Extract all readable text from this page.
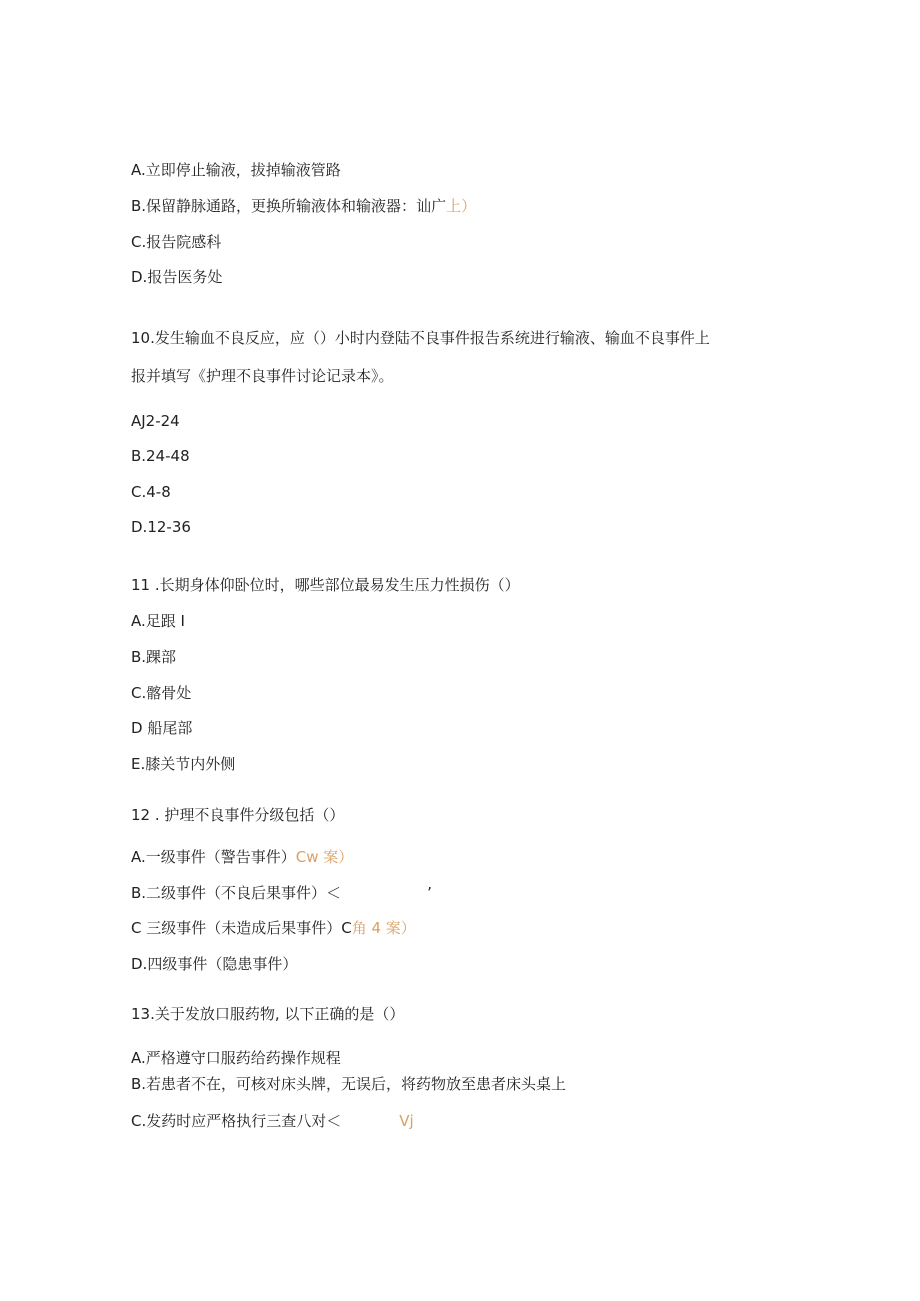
A.立即停止输液，拔掉输液管路
B.保留静脉通路，更换所输液体和输液器：讪广上）
C.报告院感科
D.报告医务处
10.发生输血不良反应，应（）小时内登陆不良事件报告系统进行输液、输血不良事件上
报并填写《护理不良事件讨论记录本》。
AJ2-24
B.24-48
C.4-8
D.12-36
11 .长期身体仰卧位时，哪些部位最易发生压力性损伤（）
A.足跟 I
B.踝部
C.髂骨处
D 船尾部
E.膝关节内外侧
12 . 护理不良事件分级包括（）
A.一级事件（警告事件）Cw 案）
B.二级事件（不良后果事件）＜	’
C 三级事件（未造成后果事件）C角 4 案）
D.四级事件（隐患事件）
13.关于发放口服药物, 以下正确的是（）
A.严格遵守口服药给药操作规程
B.若患者不在，可核对床头牌，无误后，将药物放至患者床头桌上
C.发药时应严格执行三查八对＜	Vj
